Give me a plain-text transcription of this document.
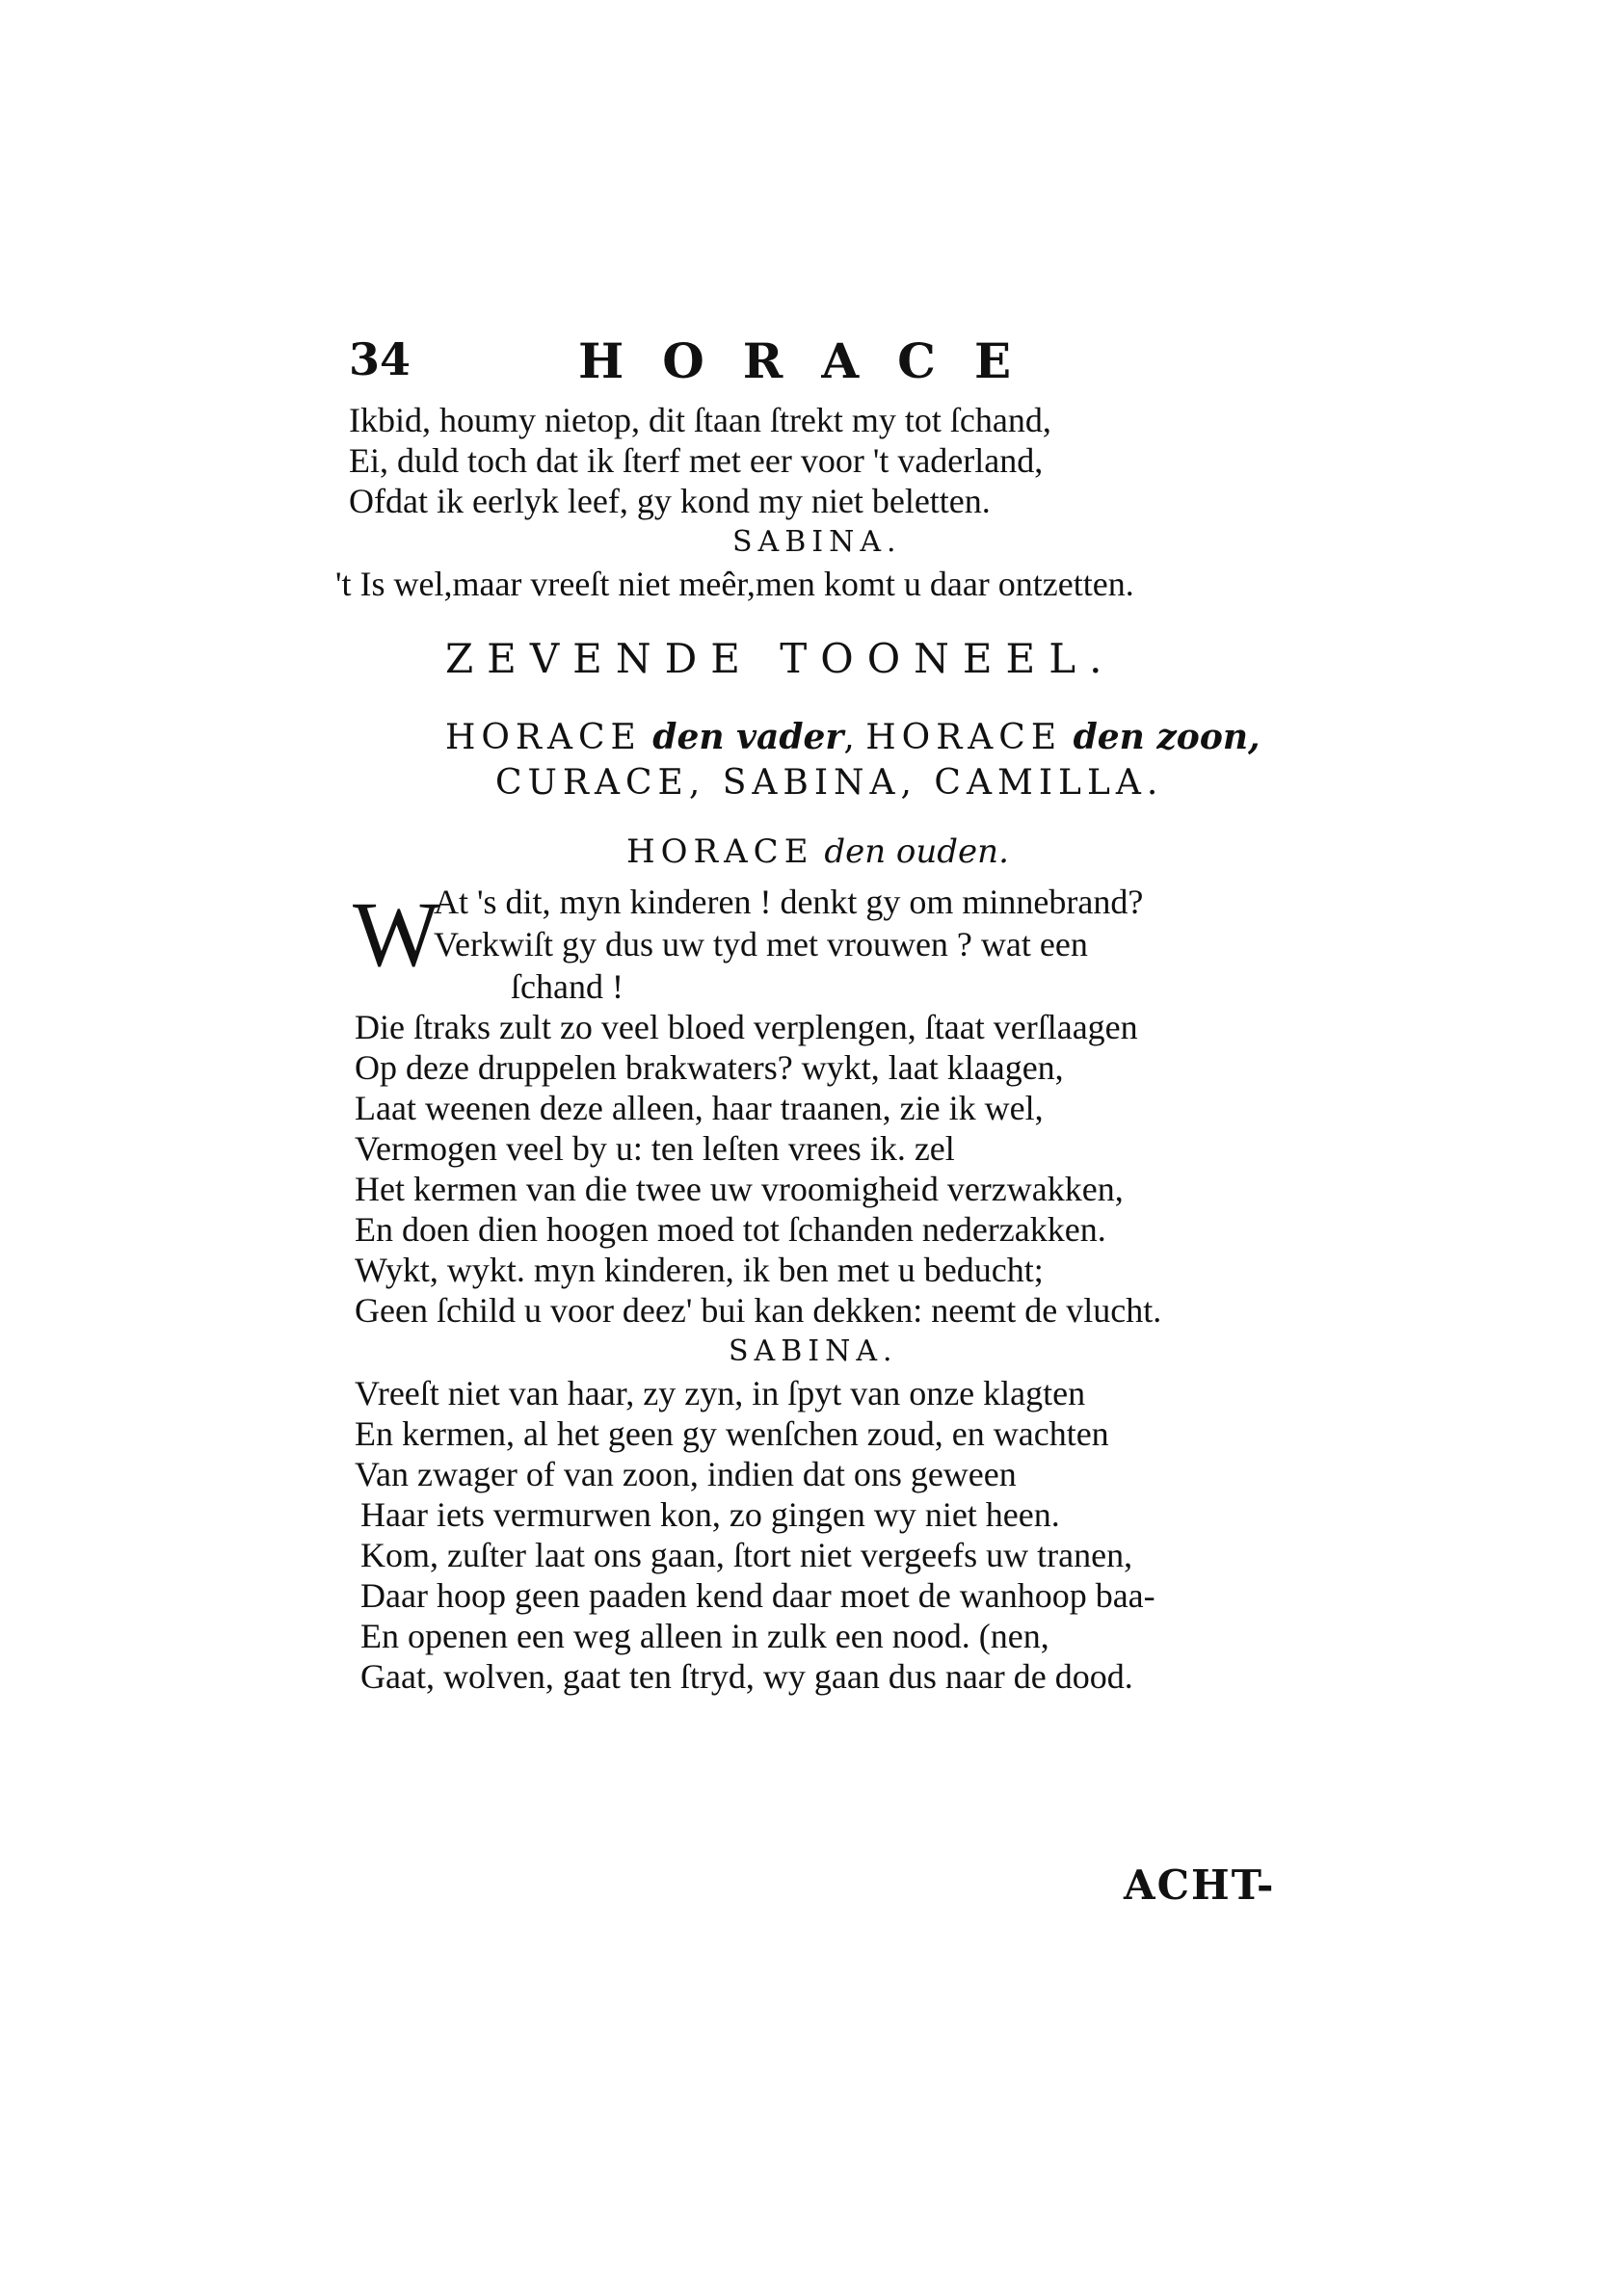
34	HORACE
Ikbid, houmy nietop, dit ſtaan ſtrekt my tot ſchand,
Ei, duld toch dat ik ſterf met eer voor 't vaderland,
Ofdat ik eerlyk leef, gy kond my niet beletten.
SABINA.
't Is wel,maar vreeſt niet meêr,men komt u daar ontzetten.
ZEVENDE TOONEEL.
HORACE den vader, HORACE den zoon,
CURACE, SABINA, CAMILLA.
HORACE den ouden.
W
At 's dit, myn kinderen ! denkt gy om minnebrand?
Verkwiſt gy dus uw tyd met vrouwen ? wat een
ſchand !
Die ſtraks zult zo veel bloed verplengen, ſtaat verſlaagen
Op deze druppelen brakwaters? wykt, laat klaagen,
Laat weenen deze alleen, haar traanen, zie ik wel,
Vermogen veel by u: ten leſten vrees ik. zel
Het kermen van die twee uw vroomigheid verzwakken,
En doen dien hoogen moed tot ſchanden nederzakken.
Wykt, wykt. myn kinderen, ik ben met u beducht;
Geen ſchild u voor deez' bui kan dekken: neemt de vlucht.
SABINA.
Vreeſt niet van haar, zy zyn, in ſpyt van onze klagten
En kermen, al het geen gy wenſchen zoud, en wachten
Van zwager of van zoon, indien dat ons geween
Haar iets vermurwen kon, zo gingen wy niet heen.
Kom, zuſter laat ons gaan, ſtort niet vergeefs uw tranen,
Daar hoop geen paaden kend daar moet de wanhoop baa-
En openen een weg alleen in zulk een nood. (nen,
Gaat, wolven, gaat ten ſtryd, wy gaan dus naar de dood.
ACHT-
